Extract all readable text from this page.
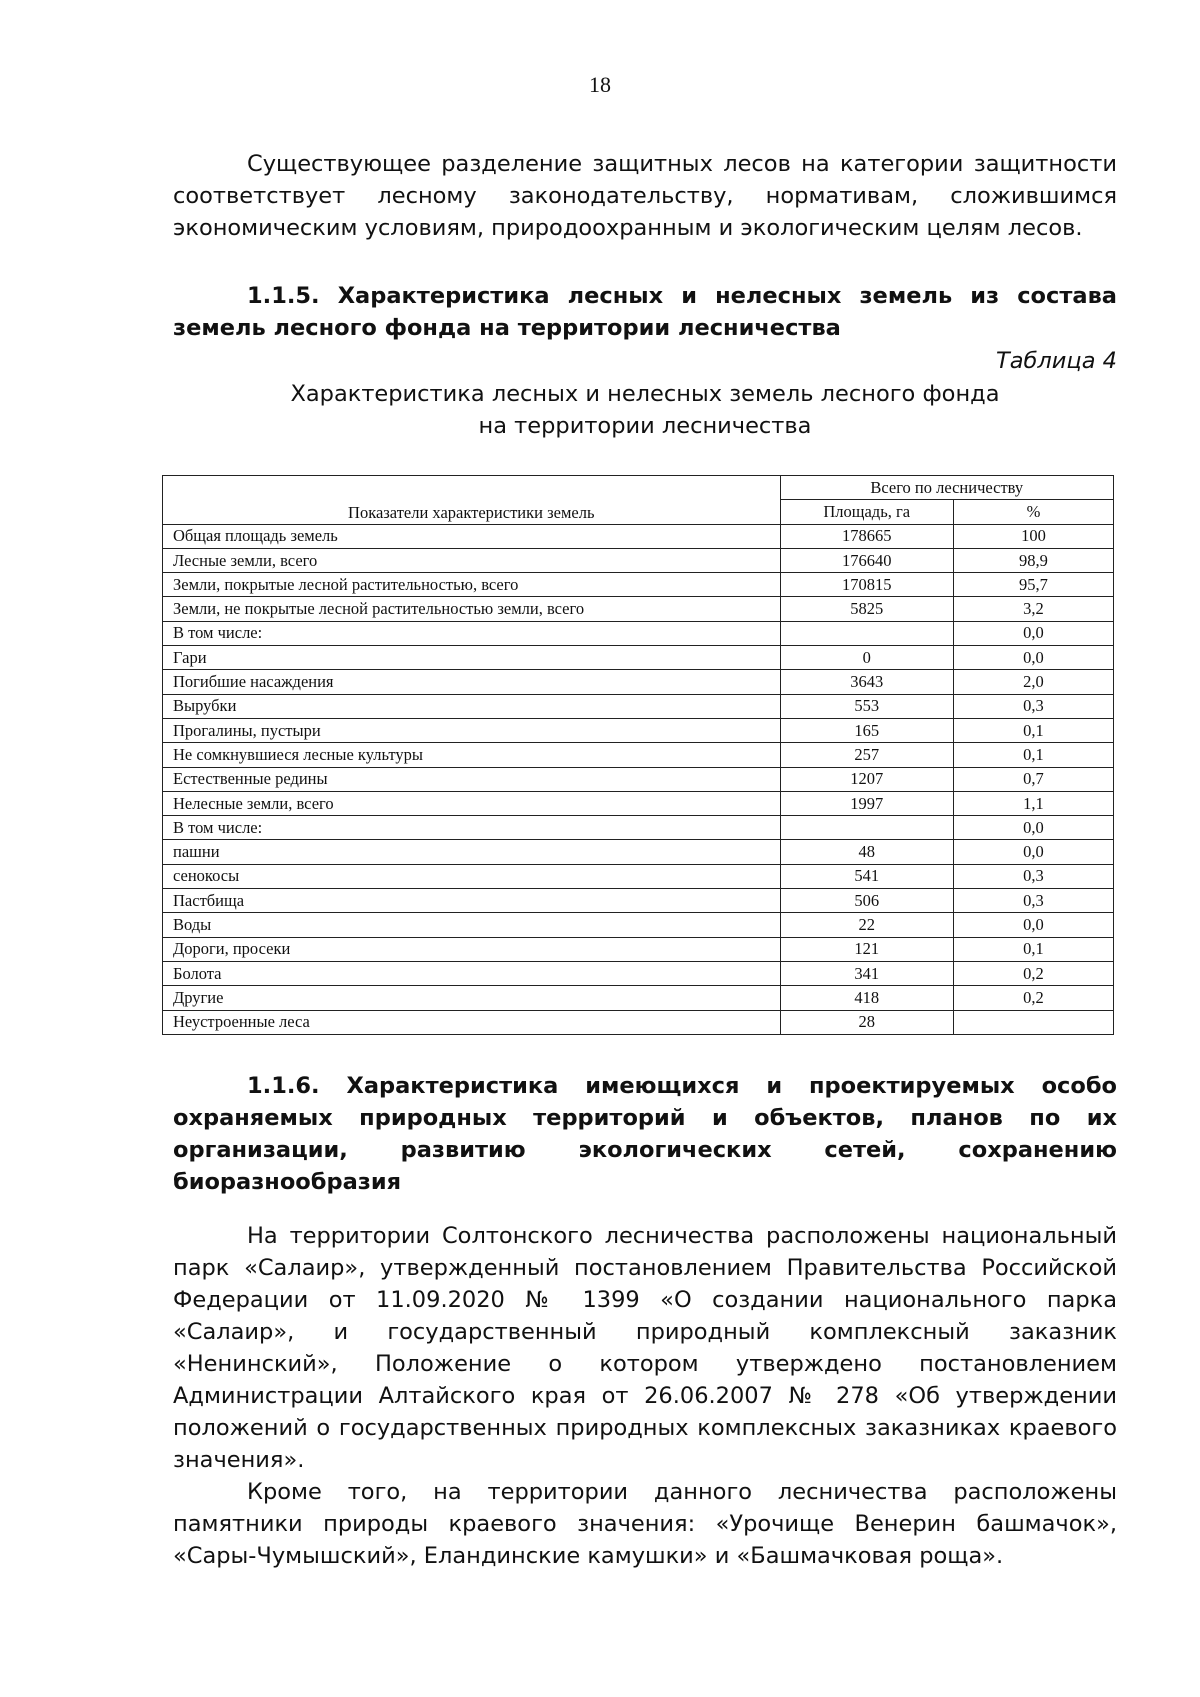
18

Существующее разделение защитных лесов на категории защитности соответствует лесному законодательству, нормативам, сложившимся экономическим условиям, природоохранным и экологическим целям лесов.

1.1.5. Характеристика лесных и нелесных земель из состава земель лесного фонда на территории лесничества

Таблица 4
Характеристика лесных и нелесных земель лесного фонда
на территории лесничества
Показатели характеристики земель	Всего по лесничеству	
	Площадь, га	%
Общая площадь земель	178665	100
Лесные земли, всего	176640	98,9
Земли, покрытые лесной растительностью, всего	170815	95,7
Земли, не покрытые лесной растительностью земли, всего	5825	3,2
В том числе:		0,0
Гари	0	0,0
Погибшие насаждения	3643	2,0
Вырубки	553	0,3
Прогалины, пустыри	165	0,1
Не сомкнувшиеся лесные культуры	257	0,1
Естественные редины	1207	0,7
Нелесные земли, всего	1997	1,1
В том числе:		0,0
пашни	48	0,0
сенокосы	541	0,3
Пастбища	506	0,3
Воды	22	0,0
Дороги, просеки	121	0,1
Болота	341	0,2
Другие	418	0,2
Неустроенные леса	28	

1.1.6. Характеристика имеющихся и проектируемых особо охраняемых природных территорий и объектов, планов по их организации, развитию экологических сетей, сохранению биоразнообразия

На территории Солтонского лесничества расположены национальный парк «Салаир», утвержденный постановлением Правительства Российской Федерации от 11.09.2020 № 1399 «О создании национального парка «Салаир», и государственный природный комплексный заказник «Ненинский», Положение о котором утверждено постановлением Администрации Алтайского края от 26.06.2007 № 278 «Об утверждении положений о государственных природных комплексных заказниках краевого значения».

Кроме того, на территории данного лесничества расположены памятники природы краевого значения: «Урочище Венерин башмачок», «Сары-Чумышский», Еландинские камушки» и «Башмачковая роща».
